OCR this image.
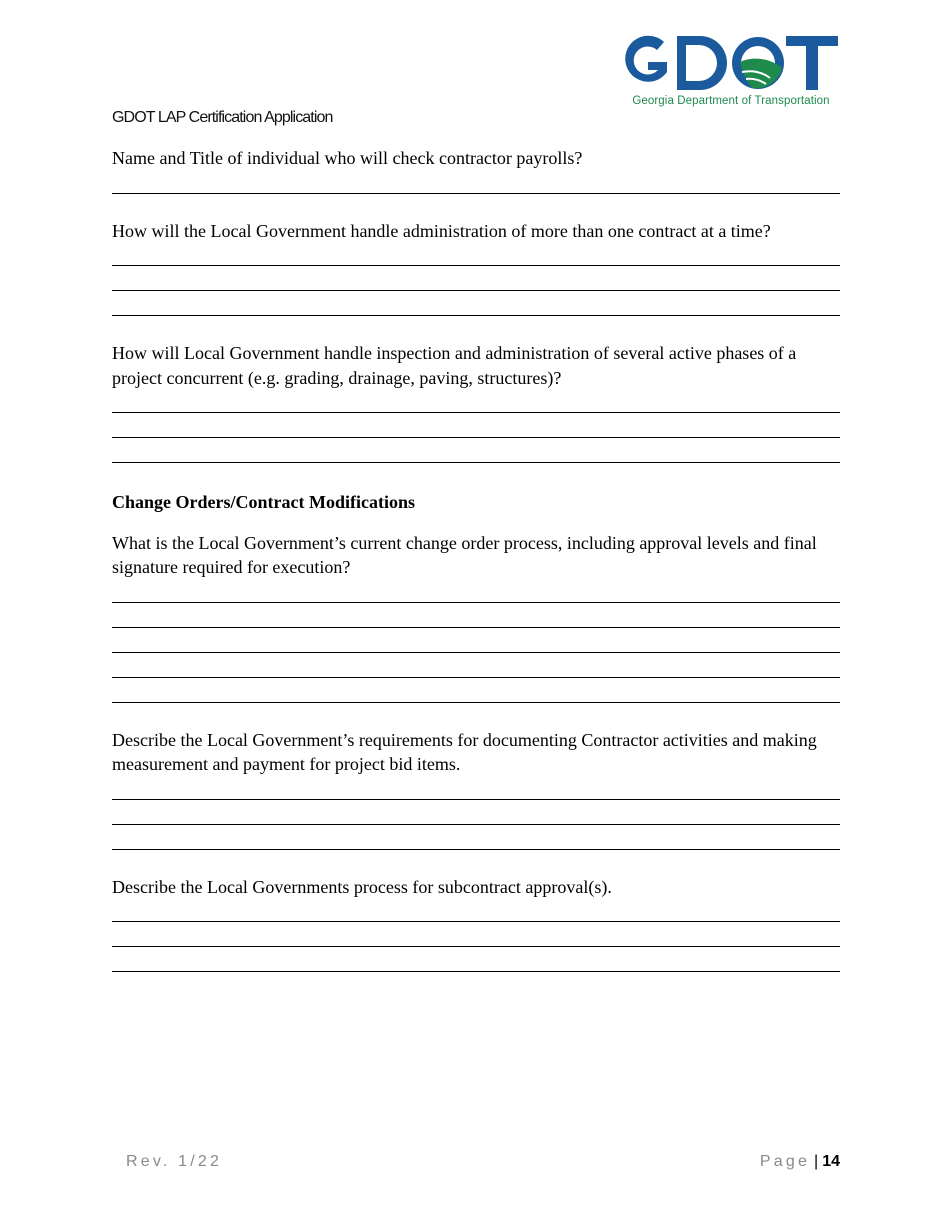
Georgia Department of Transportation
GDOT LAP Certification Application

Name and Title of individual who will check contractor payrolls?

How will the Local Government handle administration of more than one contract at a time?

How will Local Government handle inspection and administration of several active phases of a project concurrent (e.g. grading, drainage, paving, structures)?

Change Orders/Contract Modifications

What is the Local Government’s current change order process, including approval levels and final signature required for execution?

Describe the Local Government’s requirements for documenting Contractor activities and making measurement and payment for project bid items.

Describe the Local Governments process for subcontract approval(s).

Rev. 1/22	Page | 14
